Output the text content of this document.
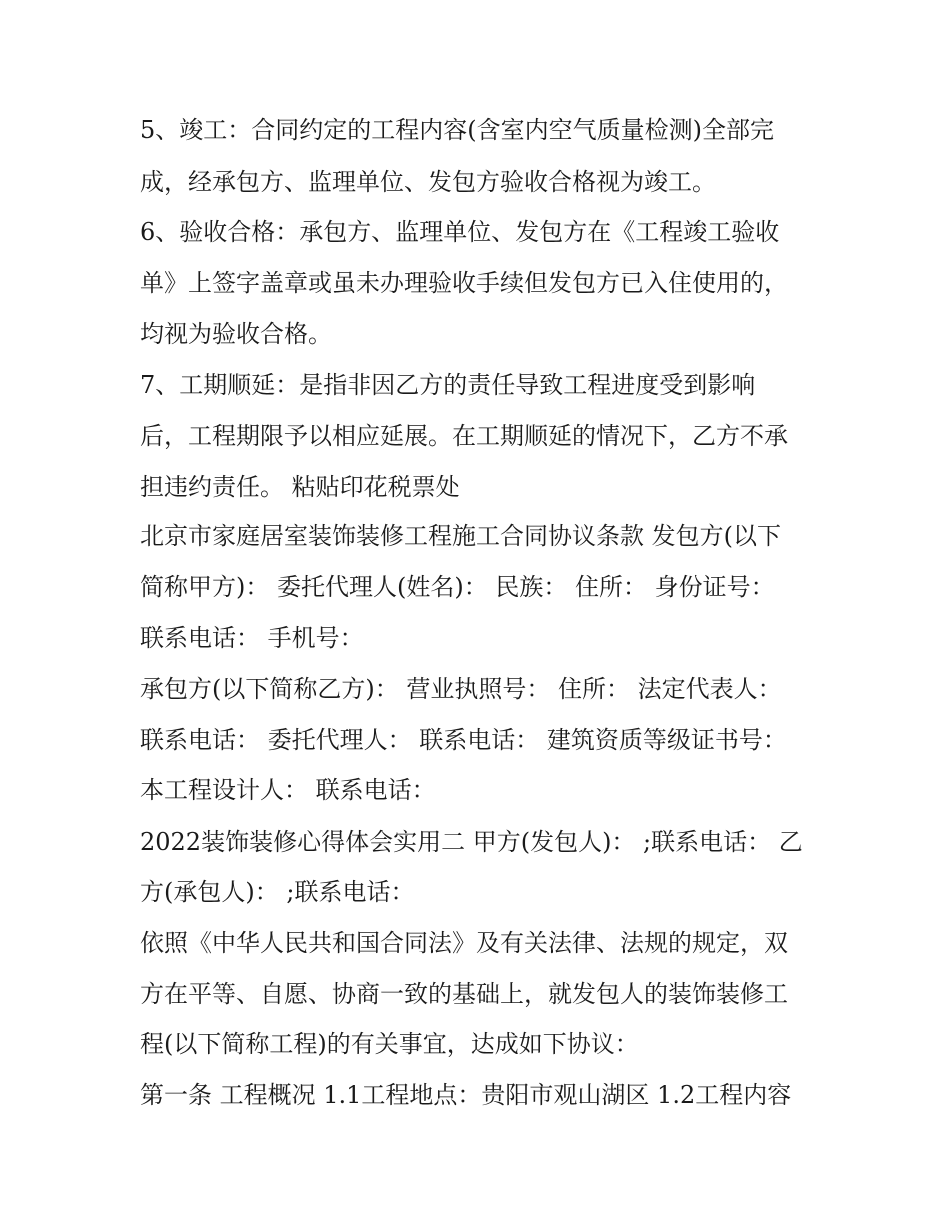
5、竣工：合同约定的工程内容(含室内空气质量检测)全部完
成，经承包方、监理单位、发包方验收合格视为竣工。
6、验收合格：承包方、监理单位、发包方在《工程竣工验收
单》上签字盖章或虽未办理验收手续但发包方已入住使用的，
均视为验收合格。
7、工期顺延：是指非因乙方的责任导致工程进度受到影响
后，工程期限予以相应延展。在工期顺延的情况下，乙方不承
担违约责任。 粘贴印花税票处
北京市家庭居室装饰装修工程施工合同协议条款 发包方(以下
简称甲方)： 委托代理人(姓名)： 民族： 住所： 身份证号：
联系电话： 手机号：
承包方(以下简称乙方)： 营业执照号： 住所： 法定代表人：
联系电话： 委托代理人： 联系电话： 建筑资质等级证书号：
本工程设计人： 联系电话：
2022装饰装修心得体会实用二 甲方(发包人)： ;联系电话： 乙
方(承包人)： ;联系电话：
依照《中华人民共和国合同法》及有关法律、法规的规定，双
方在平等、自愿、协商一致的基础上，就发包人的装饰装修工
程(以下简称工程)的有关事宜，达成如下协议：
第一条 工程概况 1.1工程地点：贵阳市观山湖区 1.2工程内容
